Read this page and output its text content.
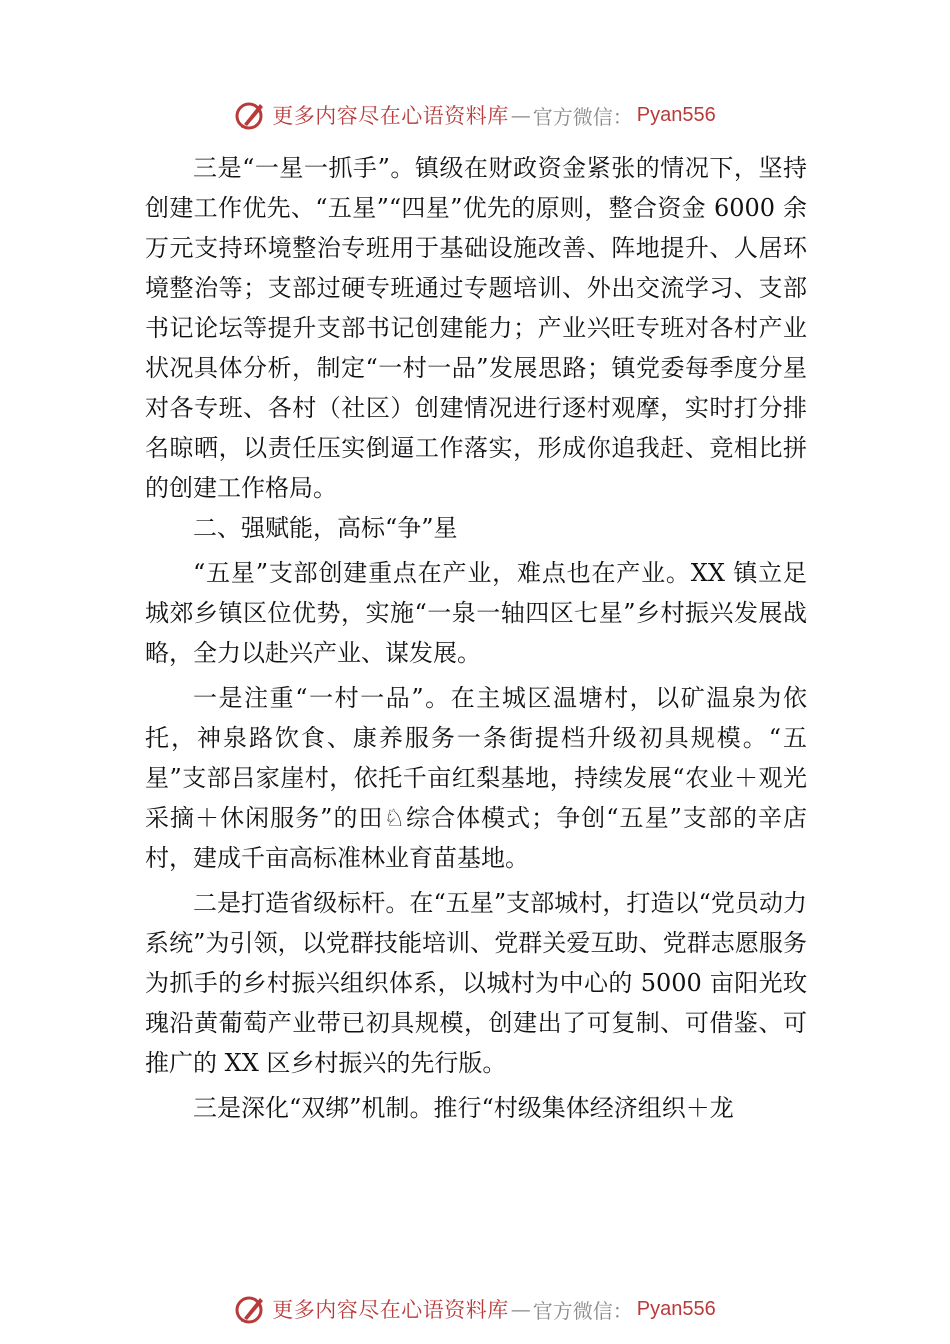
更多内容尽在心语资料库 — 官方微信： Pyan556

三是“一星一抓手”。镇级在财政资金紧张的情况下，坚持创建工作优先、“五星”“四星”优先的原则，整合资金 6000 余万元支持环境整治专班用于基础设施改善、阵地提升、人居环境整治等；支部过硬专班通过专题培训、外出交流学习、支部书记论坛等提升支部书记创建能力；产业兴旺专班对各村产业状况具体分析，制定“一村一品”发展思路；镇党委每季度分星对各专班、各村（社区）创建情况进行逐村观摩，实时打分排名晾晒，以责任压实倒逼工作落实，形成你追我赶、竞相比拼的创建工作格局。

二、强赋能，高标“争”星

“五星”支部创建重点在产业，难点也在产业。XX 镇立足城郊乡镇区位优势，实施“一泉一轴四区七星”乡村振兴发展战略，全力以赴兴产业、谋发展。

一是注重“一村一品”。在主城区温塘村，以矿温泉为依托，神泉路饮食、康养服务一条街提档升级初具规模。“五星”支部吕家崖村，依托千亩红梨基地，持续发展“农业＋观光采摘＋休闲服务”的田♘综合体模式；争创“五星”支部的辛店村，建成千亩高标准林业育苗基地。

二是打造省级标杆。在“五星”支部城村，打造以“党员动力系统”为引领，以党群技能培训、党群关爱互助、党群志愿服务为抓手的乡村振兴组织体系，以城村为中心的 5000 亩阳光玫瑰沿黄葡萄产业带已初具规模，创建出了可复制、可借鉴、可推广的 XX 区乡村振兴的先行版。

三是深化“双绑”机制。推行“村级集体经济组织＋龙

更多内容尽在心语资料库 — 官方微信： Pyan556
